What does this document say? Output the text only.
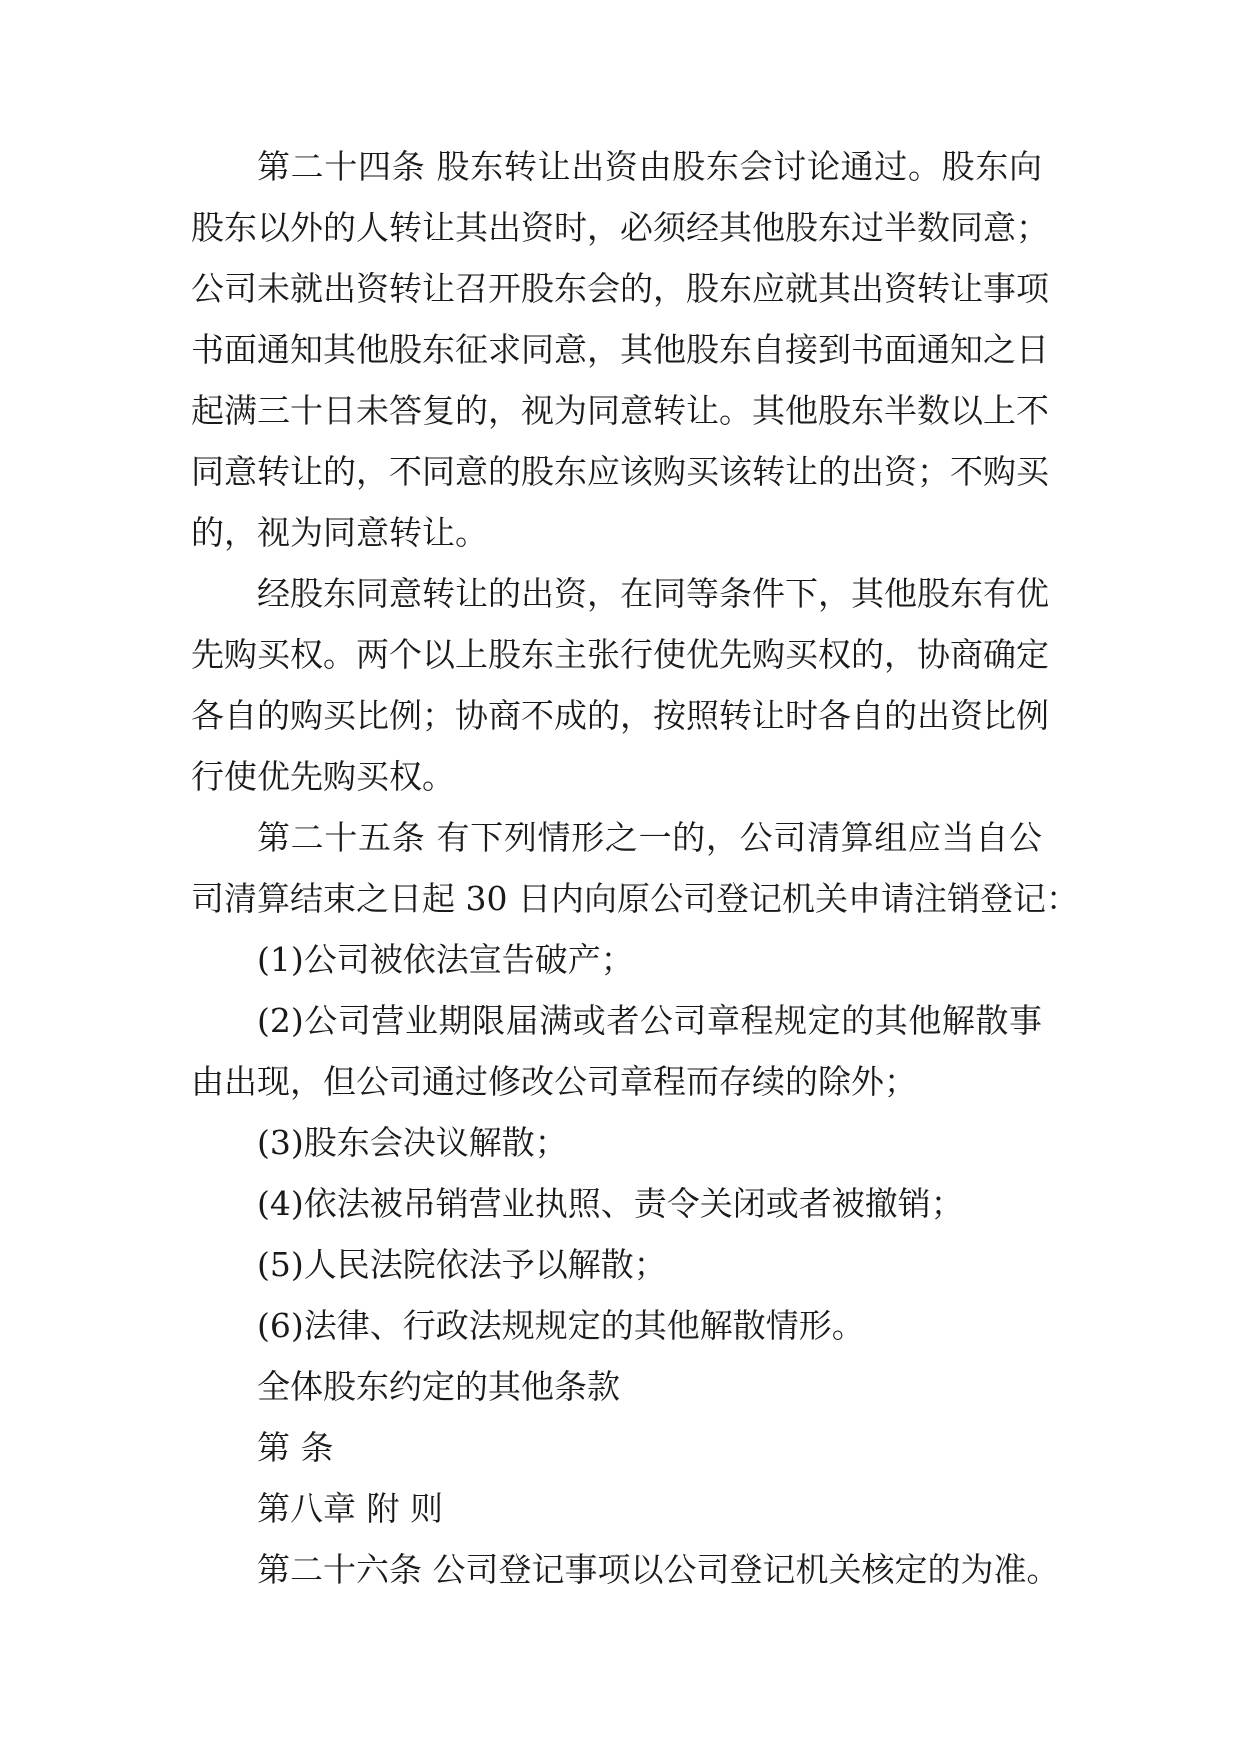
第二十四条 股东转让出资由股东会讨论通过。股东向
股东以外的人转让其出资时，必须经其他股东过半数同意；
公司未就出资转让召开股东会的，股东应就其出资转让事项
书面通知其他股东征求同意，其他股东自接到书面通知之日
起满三十日未答复的，视为同意转让。其他股东半数以上不
同意转让的，不同意的股东应该购买该转让的出资；不购买
的，视为同意转让。
经股东同意转让的出资，在同等条件下，其他股东有优
先购买权。两个以上股东主张行使优先购买权的，协商确定
各自的购买比例；协商不成的，按照转让时各自的出资比例
行使优先购买权。
第二十五条 有下列情形之一的，公司清算组应当自公
司清算结束之日起 30 日内向原公司登记机关申请注销登记：
(1)公司被依法宣告破产；
(2)公司营业期限届满或者公司章程规定的其他解散事
由出现，但公司通过修改公司章程而存续的除外；
(3)股东会决议解散；
(4)依法被吊销营业执照、责令关闭或者被撤销；
(5)人民法院依法予以解散；
(6)法律、行政法规规定的其他解散情形。
全体股东约定的其他条款
第 条
第八章 附 则
第二十六条 公司登记事项以公司登记机关核定的为准。
